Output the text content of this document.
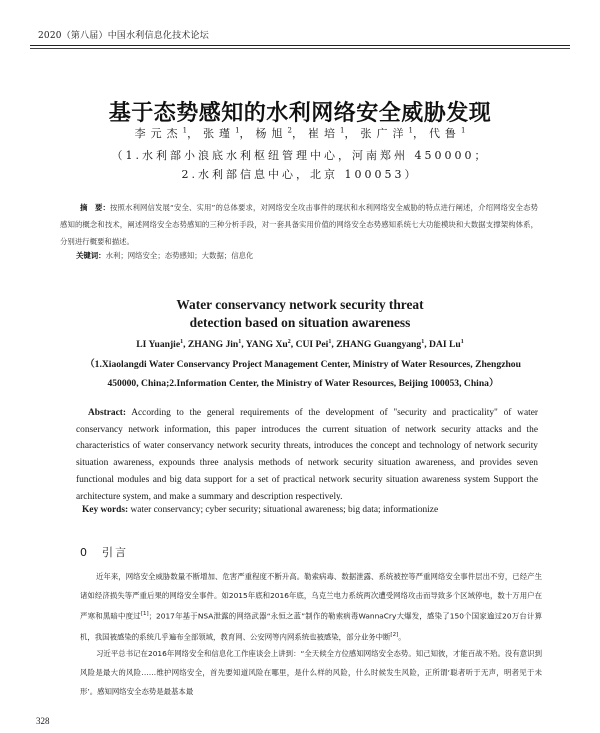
2020（第八届）中国水利信息化技术论坛
基于态势感知的水利网络安全威胁发现
李元杰$^1$，张瑾$^1$，杨旭$^2$，崔培$^1$，张广洋$^1$，代鲁$^1$
（1.水利部小浪底水利枢纽管理中心，河南郑州 450000；
2.水利部信息中心，北京 100053）
摘　要：按照水利网信发展“安全、实用”的总体要求，对网络安全攻击事件的现状和水利网络安全威胁的特点进行阐述，介绍网络安全态势感知的概念和技术，阐述网络安全态势感知的三种分析手段，对一套具备实用价值的网络安全态势感知系统七大功能模块和大数据支撑架构体系，分别进行概要和描述。
关键词：水利；网络安全；态势感知；大数据；信息化
Water conservancy network security threat
detection based on situation awareness
LI Yuanjie$^1$, ZHANG Jin$^1$, YANG Xu$^2$, CUI Pei$^1$, ZHANG Guangyang$^1$, DAI Lu$^1$
（1.Xiaolangdi Water Conservancy Project Management Center, Ministry of Water Resources, Zhengzhou 450000, China;2.Information Center, the Ministry of Water Resources, Beijing 100053, China）
Abstract: According to the general requirements of the development of "security and practicality" of water conservancy network information, this paper introduces the current situation of network security attacks and the characteristics of water conservancy network security threats, introduces the concept and technology of network security situation awareness, expounds three analysis methods of network security situation awareness, and provides seven functional modules and big data support for a set of practical network security situation awareness system Support the architecture system, and make a summary and description respectively.
Key words: water conservancy; cyber security; situational awareness; big data; informationize
0　 引言
近年来，网络安全威胁数量不断增加、危害严重程度不断升高。勒索病毒、数据泄露、系统被控等严重网络安全事件层出不穷，已经产生诸如经济损失等严重后果的网络安全事件。如2015年底和2016年底，乌克兰电力系统两次遭受网络攻击而导致多个区域停电，数十万用户在严寒和黑暗中度过[1]；2017年基于NSA泄露的网络武器“永恒之蓝”制作的勒索病毒WannaCry大爆发，感染了150个国家逾过20万台计算机，我国被感染的系统几乎遍布全部领域，教育网、公安网等内网系统也被感染，部分业务中断[2]。
习近平总书记在2016年网络安全和信息化工作座谈会上讲到：“全天候全方位感知网络安全态势。知己知彼，才能百战不殆。没有意识到风险是最大的风险……维护网络安全，首先要知道风险在哪里，是什么样的风险，什么时候发生风险，正所谓‘聪者听于无声，明者见于未形’。感知网络安全态势是最基本最
328
